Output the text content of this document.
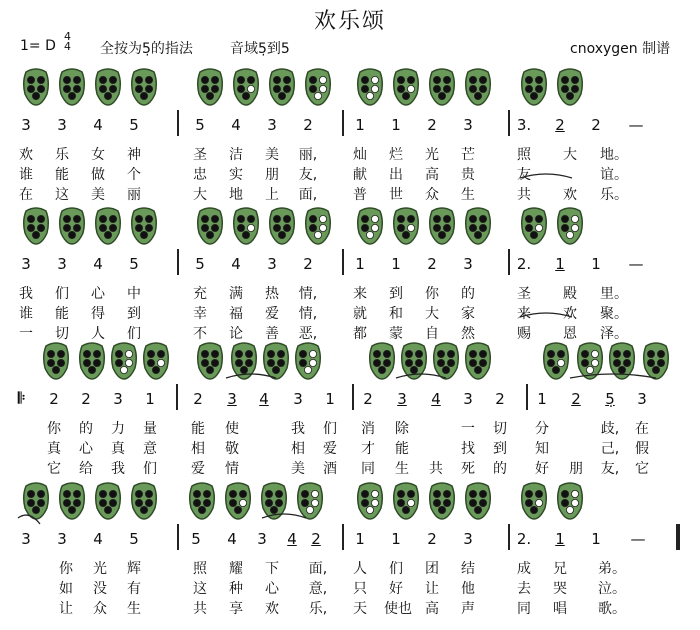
欢乐颂
1= D
4
4 全按为5̣的指法	音域5̣到5	cnoxygen 制谱
3	3	4	5	5	4	3	2	1	1	2	3	3.	2	2	—
欢	乐	女	神	圣	洁	美	丽,	灿	烂	光	芒	照	大	地。
谁	能	做	个	忠	实	朋	友,	献	出	高	贵	友	谊。
在	这	美	丽	大	地	上	面,	普	世	众	生	共	欢	乐。
3	3	4	5	5	4	3	2	1	1	2	3	2.	1	1	—
我	们	心	中	充	满	热	情,	来	到	你	的	圣	殿	里。
谁	能	得	到	幸	福	爱	情,	就	和	大	家	来	欢	聚。
一	切	人	们	不	论	善	恶,	都	蒙	自	然	赐	恩	泽。
𝄆	2	2	3	1	2	3	4	3	1	2	3	4	3	2	1	2	5̣	3
你	的	力	量	能	使	我	们	消	除	一	切	分	歧,	在
真	心	真	意	相	敬	相	爱	才	能	找	到	知	己,	假
它	给	我	们	爱	情	美	酒	同	生	共	死	的	好	朋	友,	它
3	3	4	5	5	4	3	4 2	1	1	2	3	2.	1	1	—
你	光	辉	照	耀	下	面,	人	们	团	结	成	兄	弟。
如	没	有	这	种	心	意,	只	好	让	他	去	哭	泣。
让	众	生	共	享	欢	乐,	天	使也 高	声	同	唱	歌。
